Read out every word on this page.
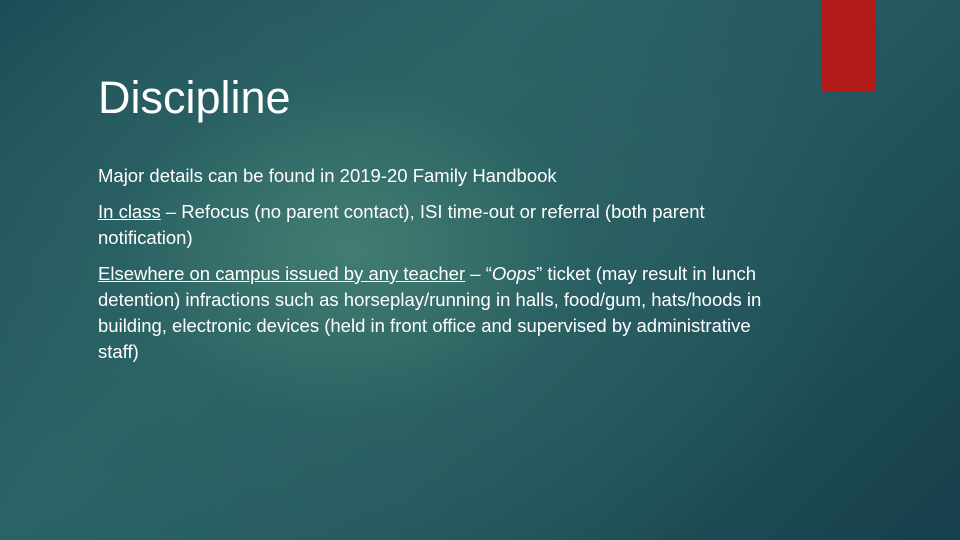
Discipline

Major details can be found in 2019-20 Family Handbook

In class – Refocus (no parent contact), ISI time-out or referral (both parent notification)

Elsewhere on campus issued by any teacher – “Oops” ticket (may result in lunch detention) infractions such as horseplay/running in halls, food/gum, hats/hoods in building, electronic devices (held in front office and supervised by administrative staff)
